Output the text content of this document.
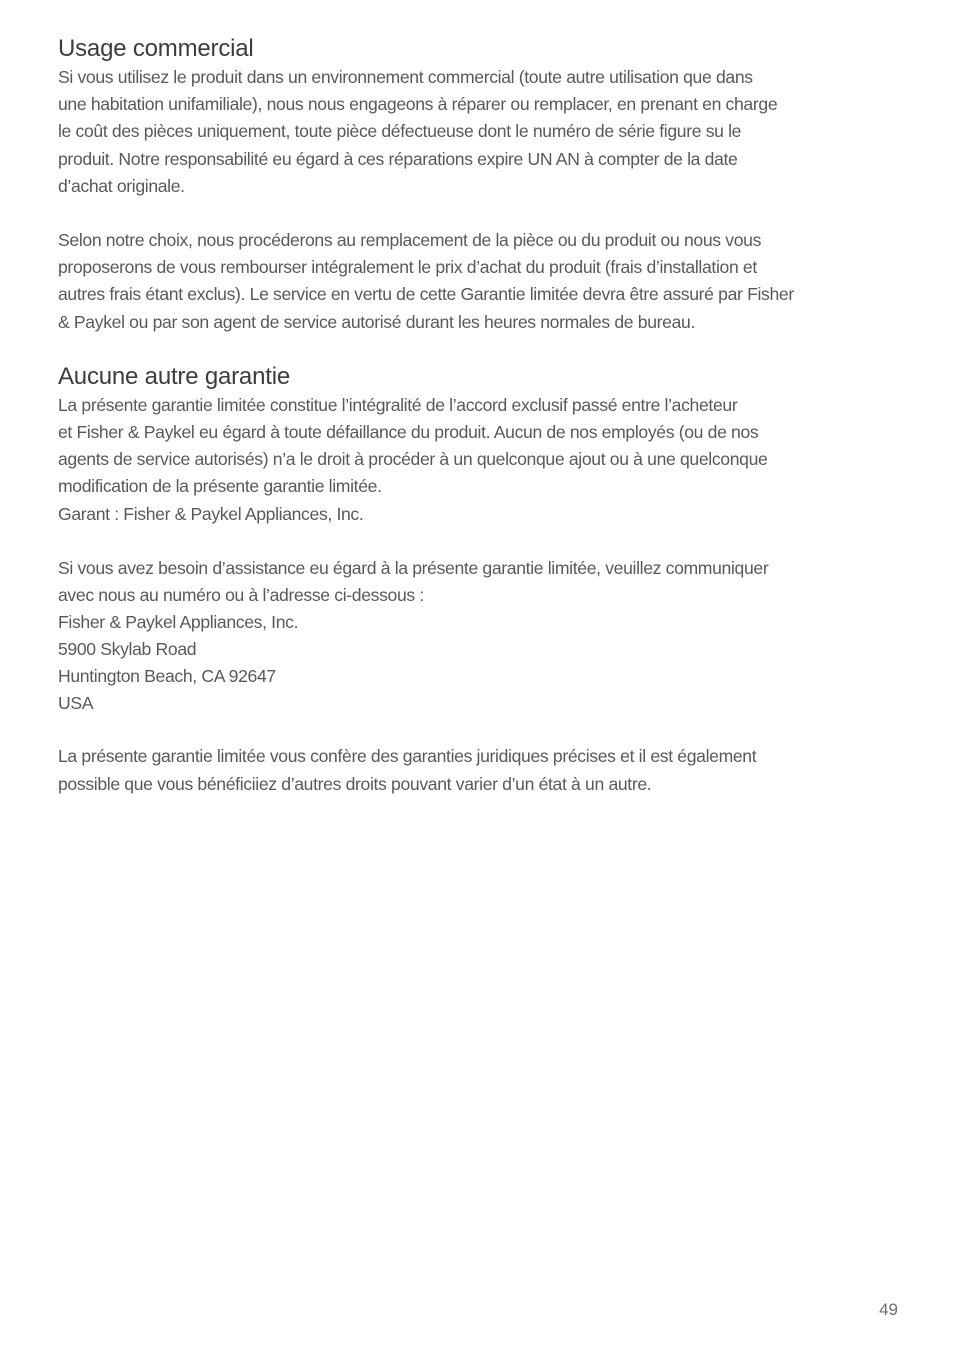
Usage commercial

Si vous utilisez le produit dans un environnement commercial (toute autre utilisation que dans
une habitation unifamiliale), nous nous engageons à réparer ou remplacer, en prenant en charge
le coût des pièces uniquement, toute pièce défectueuse dont le numéro de série figure su le
produit. Notre responsabilité eu égard à ces réparations expire UN AN à compter de la date
d’achat originale.

Selon notre choix, nous procéderons au remplacement de la pièce ou du produit ou nous vous
proposerons de vous rembourser intégralement le prix d’achat du produit (frais d’installation et
autres frais étant exclus). Le service en vertu de cette Garantie limitée devra être assuré par Fisher
& Paykel ou par son agent de service autorisé durant les heures normales de bureau.

Aucune autre garantie

La présente garantie limitée constitue l’intégralité de l’accord exclusif passé entre l’acheteur
et Fisher & Paykel eu égard à toute défaillance du produit. Aucun de nos employés (ou de nos
agents de service autorisés) n’a le droit à procéder à un quelconque ajout ou à une quelconque
modification de la présente garantie limitée.

Garant : Fisher & Paykel Appliances, Inc.

Si vous avez besoin d’assistance eu égard à la présente garantie limitée, veuillez communiquer
avec nous au numéro ou à l’adresse ci-dessous :

Fisher & Paykel Appliances, Inc.

5900 Skylab Road

Huntington Beach, CA 92647

USA

La présente garantie limitée vous confère des garanties juridiques précises et il est également
possible que vous bénéficiiez d’autres droits pouvant varier d’un état à un autre.

49
